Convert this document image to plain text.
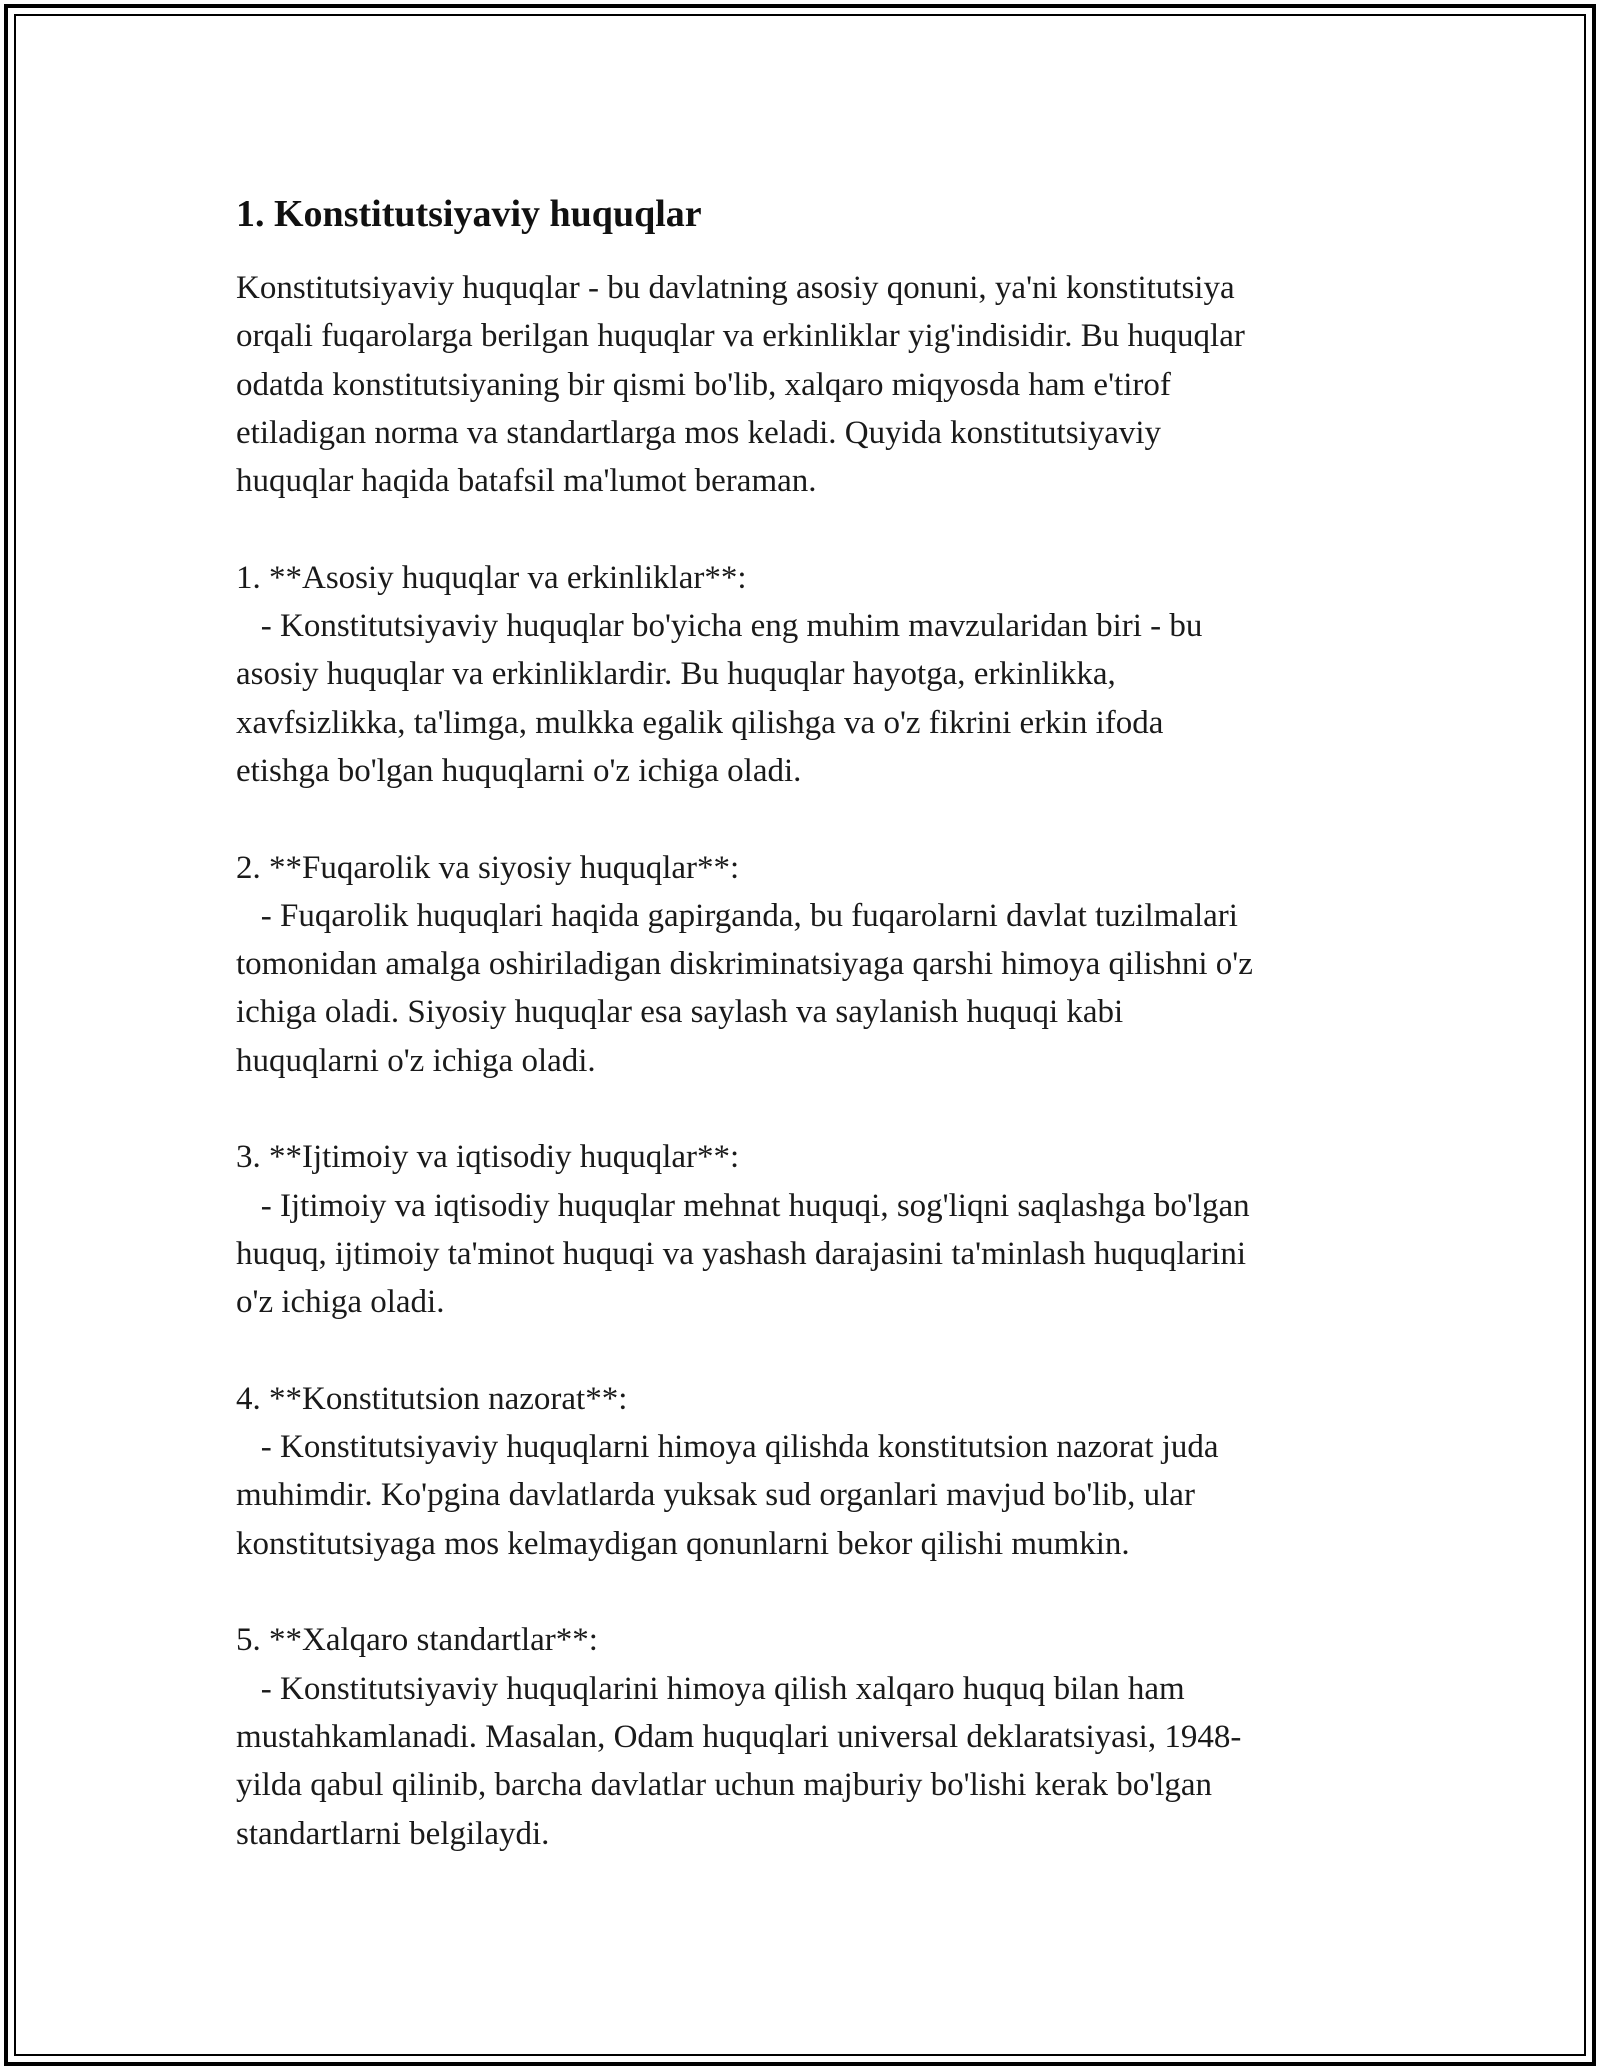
1. Konstitutsiyaviy huquqlar

Konstitutsiyaviy huquqlar - bu davlatning asosiy qonuni, ya'ni konstitutsiya
orqali fuqarolarga berilgan huquqlar va erkinliklar yig'indisidir. Bu huquqlar
odatda konstitutsiyaning bir qismi bo'lib, xalqaro miqyosda ham e'tirof
etiladigan norma va standartlarga mos keladi. Quyida konstitutsiyaviy
huquqlar haqida batafsil ma'lumot beraman.

1. **Asosiy huquqlar va erkinliklar**:
- Konstitutsiyaviy huquqlar bo'yicha eng muhim mavzularidan biri - bu
asosiy huquqlar va erkinliklardir. Bu huquqlar hayotga, erkinlikka,
xavfsizlikka, ta'limga, mulkka egalik qilishga va o'z fikrini erkin ifoda
etishga bo'lgan huquqlarni o'z ichiga oladi.

2. **Fuqarolik va siyosiy huquqlar**:
- Fuqarolik huquqlari haqida gapirganda, bu fuqarolarni davlat tuzilmalari
tomonidan amalga oshiriladigan diskriminatsiyaga qarshi himoya qilishni o'z
ichiga oladi. Siyosiy huquqlar esa saylash va saylanish huquqi kabi
huquqlarni o'z ichiga oladi.

3. **Ijtimoiy va iqtisodiy huquqlar**:
- Ijtimoiy va iqtisodiy huquqlar mehnat huquqi, sog'liqni saqlashga bo'lgan
huquq, ijtimoiy ta'minot huquqi va yashash darajasini ta'minlash huquqlarini
o'z ichiga oladi.

4. **Konstitutsion nazorat**:
- Konstitutsiyaviy huquqlarni himoya qilishda konstitutsion nazorat juda
muhimdir. Ko'pgina davlatlarda yuksak sud organlari mavjud bo'lib, ular
konstitutsiyaga mos kelmaydigan qonunlarni bekor qilishi mumkin.

5. **Xalqaro standartlar**:
- Konstitutsiyaviy huquqlarini himoya qilish xalqaro huquq bilan ham
mustahkamlanadi. Masalan, Odam huquqlari universal deklaratsiyasi, 1948-
yilda qabul qilinib, barcha davlatlar uchun majburiy bo'lishi kerak bo'lgan
standartlarni belgilaydi.
